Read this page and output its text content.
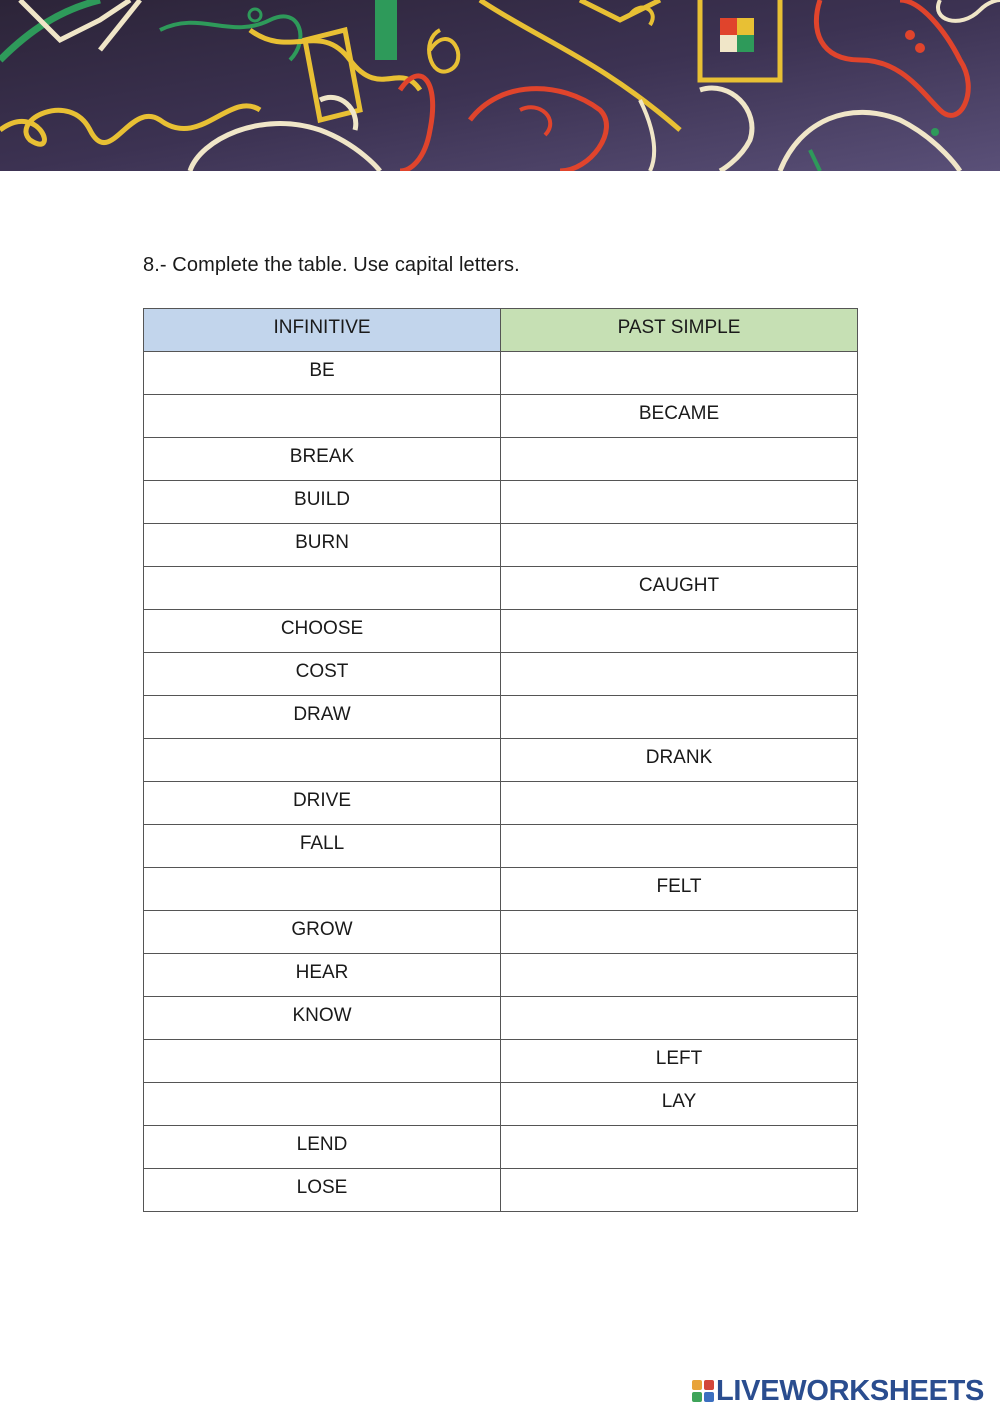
8.- Complete the table. Use capital letters.
INFINITIVE	PAST SIMPLE
BE	
	BECAME
BREAK	
BUILD	
BURN	
	CAUGHT
CHOOSE	
COST	
DRAW	
	DRANK
DRIVE	
FALL	
	FELT
GROW	
HEAR	
KNOW	
	LEFT
	LAY
LEND	
LOSE	
LIVEWORKSHEETS
